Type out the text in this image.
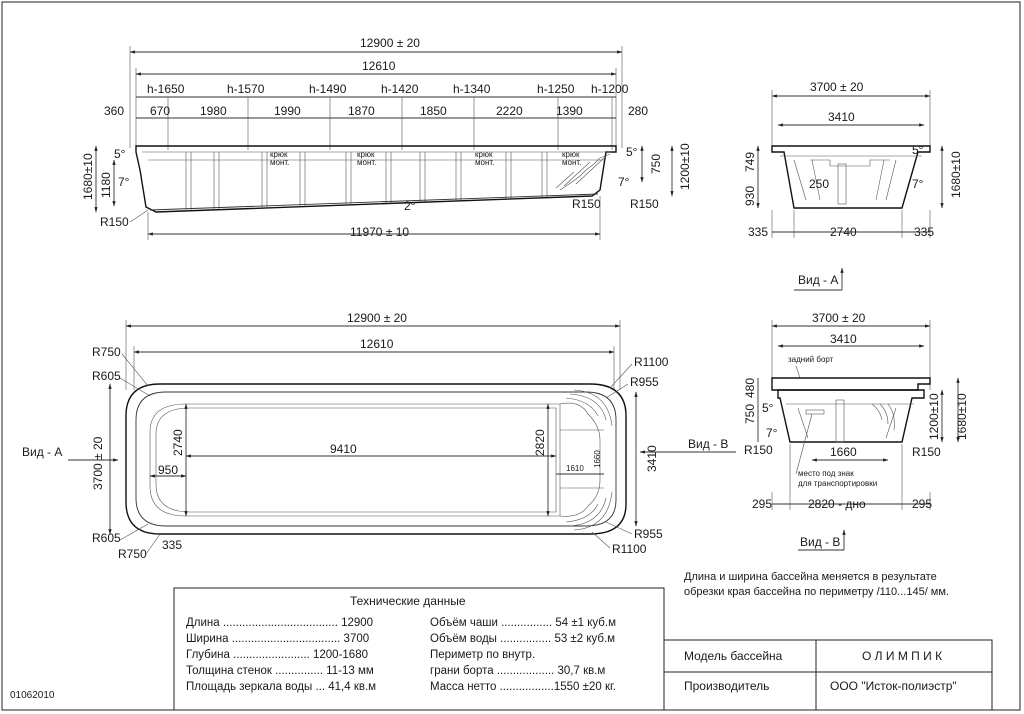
12900 ± 20
12610
h-1650	h-1570	h-1490	h-1420	h-1340	h-1250 h-1200
360 670 1980	1990	1870	1850	2220	1390	280
5°
7°
2°
5°
7°
крюк монт.
крюк монт.
крюк монт.
крюк монт.
1680±10 1180
750 1200±10
R150
R150 R150
11970 ± 10
3700 ± 20
3410
250
5°
7°
749
930	1680±10
335	2740	335
Вид - А
12900 ± 20
12610
R750
R605
R1100
R955
3700 ± 20	2740	9410	2820
950	1610
1660	3410
R605
R750
335
R955
R1100
Вид - А
Вид - В
3700 ± 20
3410
задний борт
5°
7°
480
750	1200±10 1680±10
R150	R150
1660
место под знак для транспортировки
295	2820 - дно	295
Вид - В
Длина и ширина бассейна меняется в результате
обрезки края бассейна по периметру /110...145/ мм.
Технические данные
Длина .................................... 12900
Ширина .................................. 3700
Глубина ........................ 1200-1680
Толщина стенок ............... 11-13 мм
Площадь зеркала воды ... 41,4 кв.м
Объём чаши ................ 54 ±1 куб.м
Объём воды ................ 53 ±2 куб.м
Периметр по внутр.
грани борта .................. 30,7 кв.м
Масса нетто .................1550 ±20 кг.
Модель бассейна	О Л И М П И К
Производитель	ООО "Исток-полиэстр"
01062010
